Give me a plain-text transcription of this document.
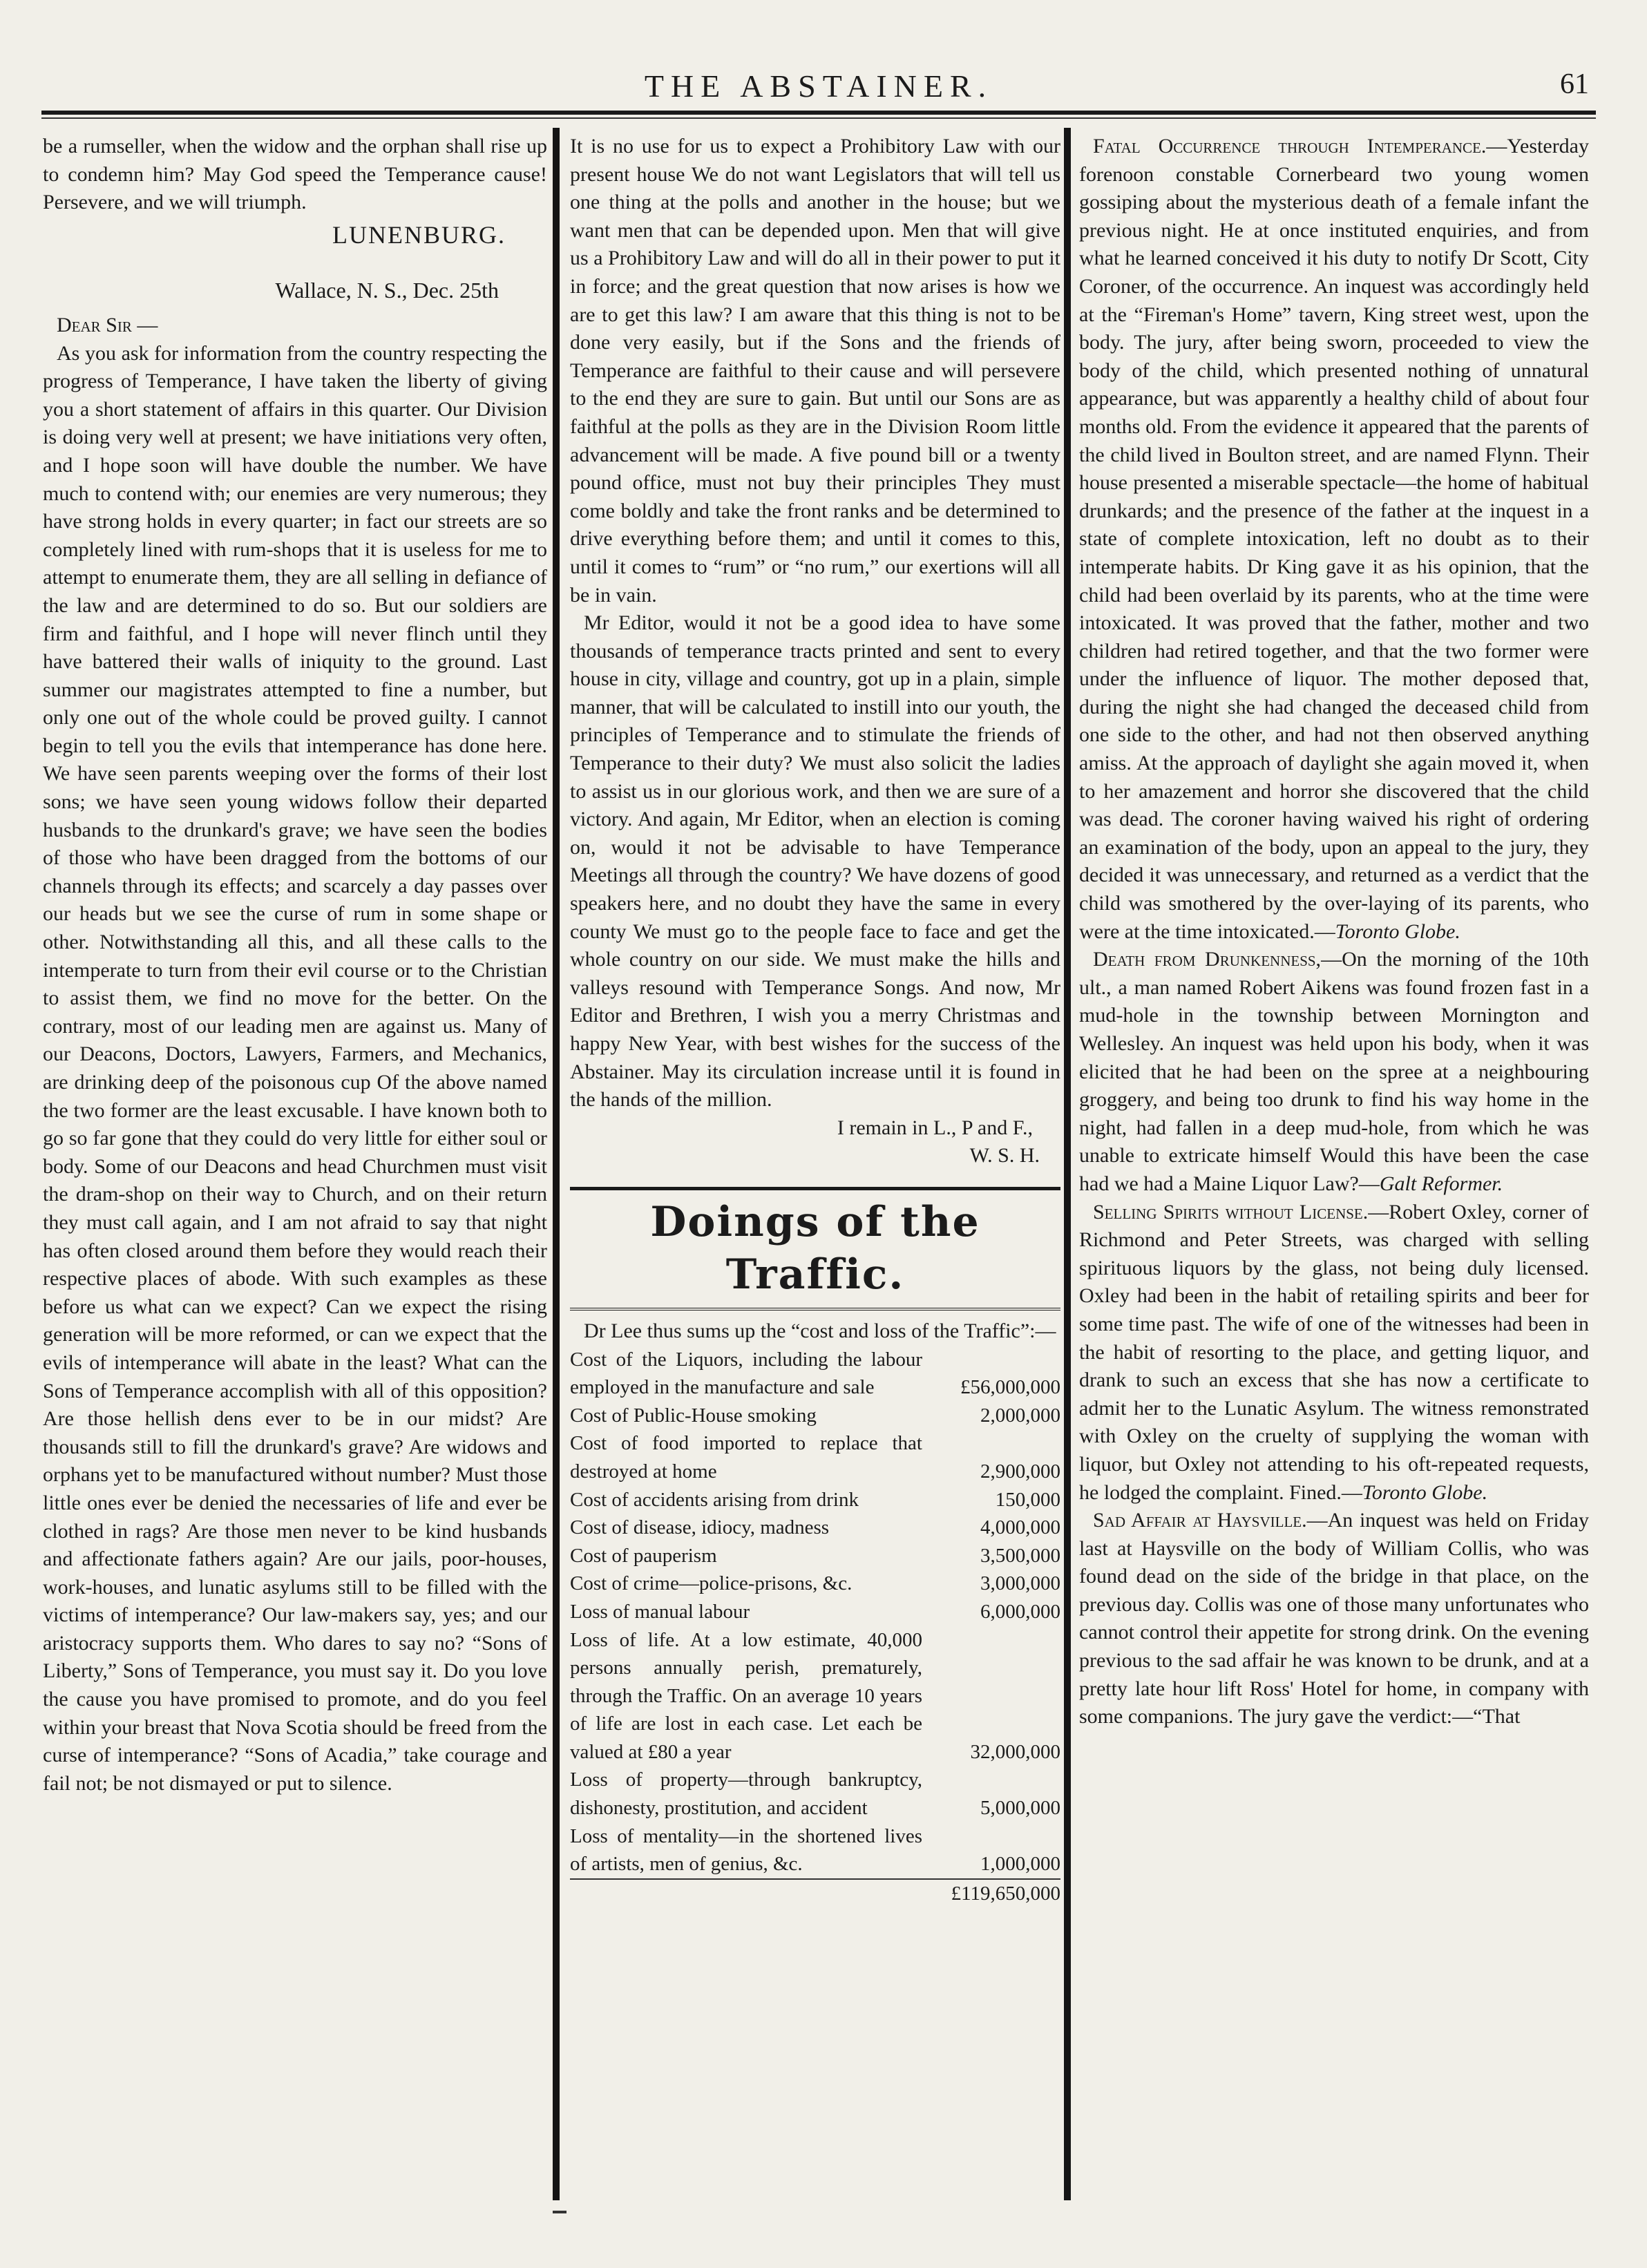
THE ABSTAINER.	61

be a rumseller, when the widow and the orphan shall rise up to condemn him? May God speed the Temperance cause! Persevere, and we will triumph.

LUNENBURG.
Wallace, N. S., Dec. 25th

Dear Sir —

As you ask for information from the country respecting the progress of Temperance, I have taken the liberty of giving you a short statement of affairs in this quarter. Our Division is doing very well at present; we have initiations very often, and I hope soon will have double the number. We have much to contend with; our enemies are very numerous; they have strong holds in every quarter; in fact our streets are so completely lined with rum-shops that it is useless for me to attempt to enumerate them, they are all selling in defiance of the law and are determined to do so. But our soldiers are firm and faithful, and I hope will never flinch until they have battered their walls of iniquity to the ground. Last summer our magistrates attempted to fine a number, but only one out of the whole could be proved guilty. I cannot begin to tell you the evils that intemperance has done here. We have seen parents weeping over the forms of their lost sons; we have seen young widows follow their departed husbands to the drunkard's grave; we have seen the bodies of those who have been dragged from the bottoms of our channels through its effects; and scarcely a day passes over our heads but we see the curse of rum in some shape or other. Notwithstanding all this, and all these calls to the intemperate to turn from their evil course or to the Christian to assist them, we find no move for the better. On the contrary, most of our leading men are against us. Many of our Deacons, Doctors, Lawyers, Farmers, and Mechanics, are drinking deep of the poisonous cup Of the above named the two former are the least excusable. I have known both to go so far gone that they could do very little for either soul or body. Some of our Deacons and head Churchmen must visit the dram-shop on their way to Church, and on their return they must call again, and I am not afraid to say that night has often closed around them before they would reach their respective places of abode. With such examples as these before us what can we expect? Can we expect the rising generation will be more reformed, or can we expect that the evils of intemperance will abate in the least? What can the Sons of Temperance accomplish with all of this opposition? Are those hellish dens ever to be in our midst? Are thousands still to fill the drunkard's grave? Are widows and orphans yet to be manufactured without number? Must those little ones ever be denied the necessaries of life and ever be clothed in rags? Are those men never to be kind husbands and affectionate fathers again? Are our jails, poor-houses, work-houses, and lunatic asylums still to be filled with the victims of intemperance? Our law-makers say, yes; and our aristocracy supports them. Who dares to say no? “Sons of Liberty,” Sons of Temperance, you must say it. Do you love the cause you have promised to promote, and do you feel within your breast that Nova Scotia should be freed from the curse of intemperance? “Sons of Acadia,” take courage and fail not; be not dismayed or put to silence.

It is no use for us to expect a Prohibitory Law with our present house We do not want Legislators that will tell us one thing at the polls and another in the house; but we want men that can be depended upon. Men that will give us a Prohibitory Law and will do all in their power to put it in force; and the great question that now arises is how we are to get this law? I am aware that this thing is not to be done very easily, but if the Sons and the friends of Temperance are faithful to their cause and will persevere to the end they are sure to gain. But until our Sons are as faithful at the polls as they are in the Division Room little advancement will be made. A five pound bill or a twenty pound office, must not buy their principles They must come boldly and take the front ranks and be determined to drive everything before them; and until it comes to this, until it comes to “rum” or “no rum,” our exertions will all be in vain.

Mr Editor, would it not be a good idea to have some thousands of temperance tracts printed and sent to every house in city, village and country, got up in a plain, simple manner, that will be calculated to instill into our youth, the principles of Temperance and to stimulate the friends of Temperance to their duty? We must also solicit the ladies to assist us in our glorious work, and then we are sure of a victory. And again, Mr Editor, when an election is coming on, would it not be advisable to have Temperance Meetings all through the country? We have dozens of good speakers here, and no doubt they have the same in every county We must go to the people face to face and get the whole country on our side. We must make the hills and valleys resound with Temperance Songs. And now, Mr Editor and Brethren, I wish you a merry Christmas and happy New Year, with best wishes for the success of the Abstainer. May its circulation increase until it is found in the hands of the million.

I remain in L., P and F.,
W. S. H.
Doings of the Traffic.

Dr Lee thus sums up the “cost and loss of the Traffic”:—

Cost of the Liquors, including the labour employed in the manufacture and sale	£56,000,000
Cost of Public-House smoking	2,000,000
Cost of food imported to replace that destroyed at home	2,900,000
Cost of accidents arising from drink	150,000
Cost of disease, idiocy, madness	4,000,000
Cost of pauperism	3,500,000
Cost of crime—police-prisons, &c.	3,000,000
Loss of manual labour	6,000,000
Loss of life. At a low estimate, 40,000 persons annually perish, prematurely, through the Traffic. On an average 10 years of life are lost in each case. Let each be valued at £80 a year	32,000,000
Loss of property—through bankruptcy, dishonesty, prostitution, and accident	5,000,000
Loss of mentality—in the shortened lives of artists, men of genius, &c.	1,000,000
	£119,650,000

Fatal Occurrence through Intemperance.—Yesterday forenoon constable Cornerbeard two young women gossiping about the mysterious death of a female infant the previous night. He at once instituted enquiries, and from what he learned conceived it his duty to notify Dr Scott, City Coroner, of the occurrence. An inquest was accordingly held at the “Fireman's Home” tavern, King street west, upon the body. The jury, after being sworn, proceeded to view the body of the child, which presented nothing of unnatural appearance, but was apparently a healthy child of about four months old. From the evidence it appeared that the parents of the child lived in Boulton street, and are named Flynn. Their house presented a miserable spectacle—the home of habitual drunkards; and the presence of the father at the inquest in a state of complete intoxication, left no doubt as to their intemperate habits. Dr King gave it as his opinion, that the child had been overlaid by its parents, who at the time were intoxicated. It was proved that the father, mother and two children had retired together, and that the two former were under the influence of liquor. The mother deposed that, during the night she had changed the deceased child from one side to the other, and had not then observed anything amiss. At the approach of daylight she again moved it, when to her amazement and horror she discovered that the child was dead. The coroner having waived his right of ordering an examination of the body, upon an appeal to the jury, they decided it was unnecessary, and returned as a verdict that the child was smothered by the over-laying of its parents, who were at the time intoxicated.—Toronto Globe.

Death from Drunkenness,—On the morning of the 10th ult., a man named Robert Aikens was found frozen fast in a mud-hole in the township between Mornington and Wellesley. An inquest was held upon his body, when it was elicited that he had been on the spree at a neighbouring groggery, and being too drunk to find his way home in the night, had fallen in a deep mud-hole, from which he was unable to extricate himself Would this have been the case had we had a Maine Liquor Law?—Galt Reformer.

Selling Spirits without License.—Robert Oxley, corner of Richmond and Peter Streets, was charged with selling spirituous liquors by the glass, not being duly licensed. Oxley had been in the habit of retailing spirits and beer for some time past. The wife of one of the witnesses had been in the habit of resorting to the place, and getting liquor, and drank to such an excess that she has now a certificate to admit her to the Lunatic Asylum. The witness remonstrated with Oxley on the cruelty of supplying the woman with liquor, but Oxley not attending to his oft-repeated requests, he lodged the complaint. Fined.—Toronto Globe.

Sad Affair at Haysville.—An inquest was held on Friday last at Haysville on the body of William Collis, who was found dead on the side of the bridge in that place, on the previous day. Collis was one of those many unfortunates who cannot control their appetite for strong drink. On the evening previous to the sad affair he was known to be drunk, and at a pretty late hour lift Ross' Hotel for home, in company with some companions. The jury gave the verdict:—“That
